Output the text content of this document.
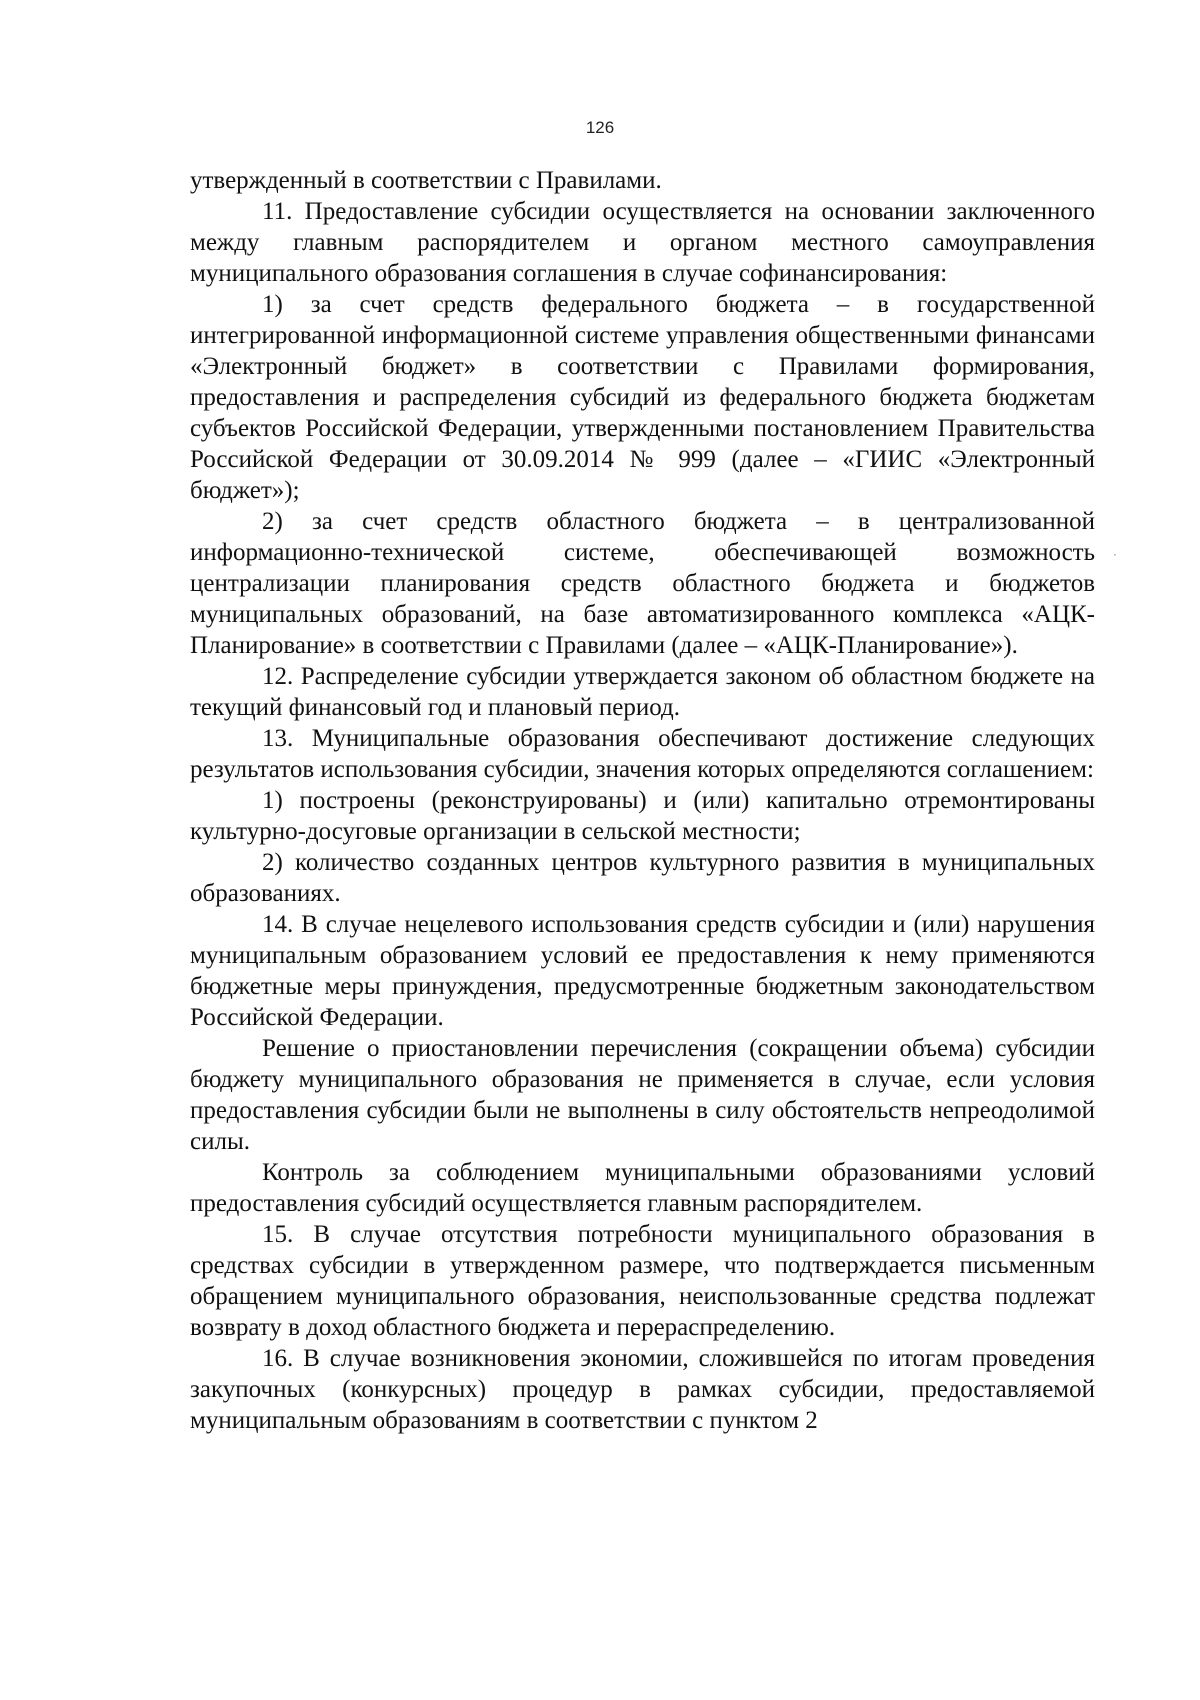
126

утвержденный в соответствии с Правилами.

11. Предоставление субсидии осуществляется на основании заключенного между главным распорядителем и органом местного самоуправления муниципального образования соглашения в случае софинансирования:

1) за счет средств федерального бюджета – в государственной интегрированной информационной системе управления общественными финансами «Электронный бюджет» в соответствии с Правилами формирования, предоставления и распределения субсидий из федерального бюджета бюджетам субъектов Российской Федерации, утвержденными постановлением Правительства Российской Федерации от 30.09.2014 № 999 (далее – «ГИИС «Электронный бюджет»);

2) за счет средств областного бюджета – в централизованной информационно-технической системе, обеспечивающей возможность централизации планирования средств областного бюджета и бюджетов муниципальных образований, на базе автоматизированного комплекса «АЦК-Планирование» в соответствии с Правилами (далее – «АЦК-Планирование»).

12. Распределение субсидии утверждается законом об областном бюджете на текущий финансовый год и плановый период.

13. Муниципальные образования обеспечивают достижение следующих результатов использования субсидии, значения которых определяются соглашением:

1) построены (реконструированы) и (или) капитально отремонтированы культурно-досуговые организации в сельской местности;

2) количество созданных центров культурного развития в муниципальных образованиях.

14. В случае нецелевого использования средств субсидии и (или) нарушения муниципальным образованием условий ее предоставления к нему применяются бюджетные меры принуждения, предусмотренные бюджетным законодательством Российской Федерации.

Решение о приостановлении перечисления (сокращении объема) субсидии бюджету муниципального образования не применяется в случае, если условия предоставления субсидии были не выполнены в силу обстоятельств непреодолимой силы.

Контроль за соблюдением муниципальными образованиями условий предоставления субсидий осуществляется главным распорядителем.

15. В случае отсутствия потребности муниципального образования в средствах субсидии в утвержденном размере, что подтверждается письменным обращением муниципального образования, неиспользованные средства подлежат возврату в доход областного бюджета и перераспределению.

16. В случае возникновения экономии, сложившейся по итогам проведения закупочных (конкурсных) процедур в рамках субсидии, предоставляемой муниципальным образованиям в соответствии с пунктом 2

·
